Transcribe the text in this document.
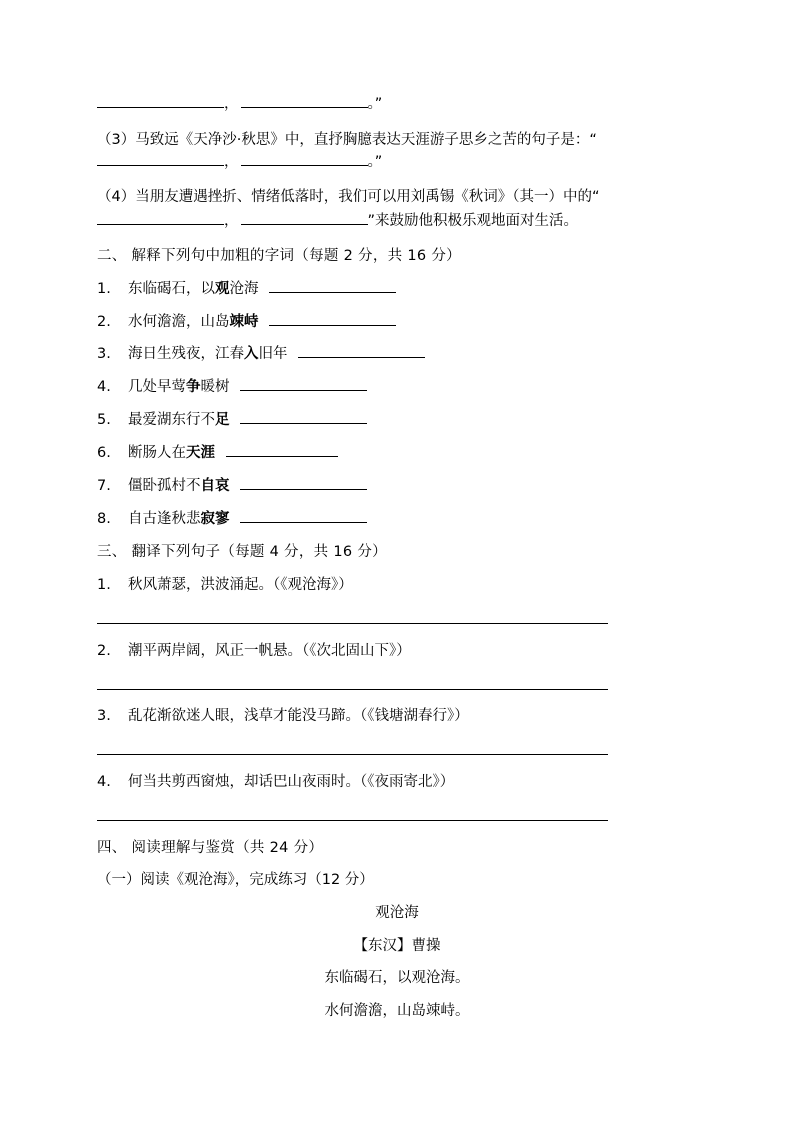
，	。”
（3）马致远《天净沙·秋思》中，直抒胸臆表达天涯游子思乡之苦的句子是：“
，	。”
（4）当朋友遭遇挫折、情绪低落时，我们可以用刘禹锡《秋词》（其一）中的“
，	”来鼓励他积极乐观地面对生活。
二、 解释下列句中加粗的字词（每题 2 分，共 16 分）
1. 东临碣石，以观沧海
2. 水何澹澹，山岛竦峙
3. 海日生残夜，江春入旧年
4. 几处早莺争暖树
5. 最爱湖东行不足
6. 断肠人在天涯
7. 僵卧孤村不自哀
8. 自古逢秋悲寂寥
三、 翻译下列句子（每题 4 分，共 16 分）
1. 秋风萧瑟，洪波涌起。（《观沧海》）
2. 潮平两岸阔，风正一帆悬。（《次北固山下》）
3. 乱花渐欲迷人眼，浅草才能没马蹄。（《钱塘湖春行》）
4. 何当共剪西窗烛，却话巴山夜雨时。（《夜雨寄北》）
四、 阅读理解与鉴赏（共 24 分）
（一）阅读《观沧海》，完成练习（12 分）
观沧海
【东汉】曹操
东临碣石，以观沧海。
水何澹澹，山岛竦峙。
